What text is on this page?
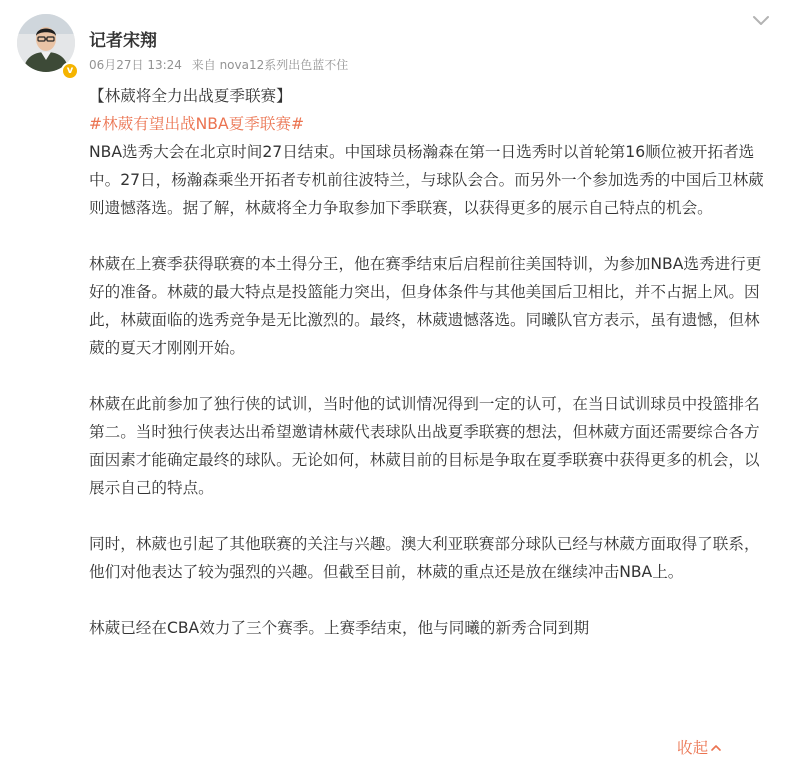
v
记者宋翔
06月27日 13:24 来自 nova12系列出色蓝不住

【林葳将全力出战夏季联赛】

#林葳有望出战NBA夏季联赛#

NBA选秀大会在北京时间27日结束。中国球员杨瀚森在第一日选秀时以首轮第16顺位被开拓者选中。27日，杨瀚森乘坐开拓者专机前往波特兰，与球队会合。而另外一个参加选秀的中国后卫林葳则遗憾落选。据了解，林葳将全力争取参加下季联赛，以获得更多的展示自己特点的机会。

林葳在上赛季获得联赛的本土得分王，他在赛季结束后启程前往美国特训，为参加NBA选秀进行更好的准备。林葳的最大特点是投篮能力突出，但身体条件与其他美国后卫相比，并不占据上风。因此，林葳面临的选秀竞争是无比激烈的。最终，林葳遗憾落选。同曦队官方表示，虽有遗憾，但林葳的夏天才刚刚开始。

林葳在此前参加了独行侠的试训，当时他的试训情况得到一定的认可，在当日试训球员中投篮排名第二。当时独行侠表达出希望邀请林葳代表球队出战夏季联赛的想法，但林葳方面还需要综合各方面因素才能确定最终的球队。无论如何，林葳目前的目标是争取在夏季联赛中获得更多的机会，以展示自己的特点。

同时，林葳也引起了其他联赛的关注与兴趣。澳大利亚联赛部分球队已经与林葳方面取得了联系，他们对他表达了较为强烈的兴趣。但截至目前，林葳的重点还是放在继续冲击NBA上。

林葳已经在CBA效力了三个赛季。上赛季结束，他与同曦的新秀合同到期

收起
